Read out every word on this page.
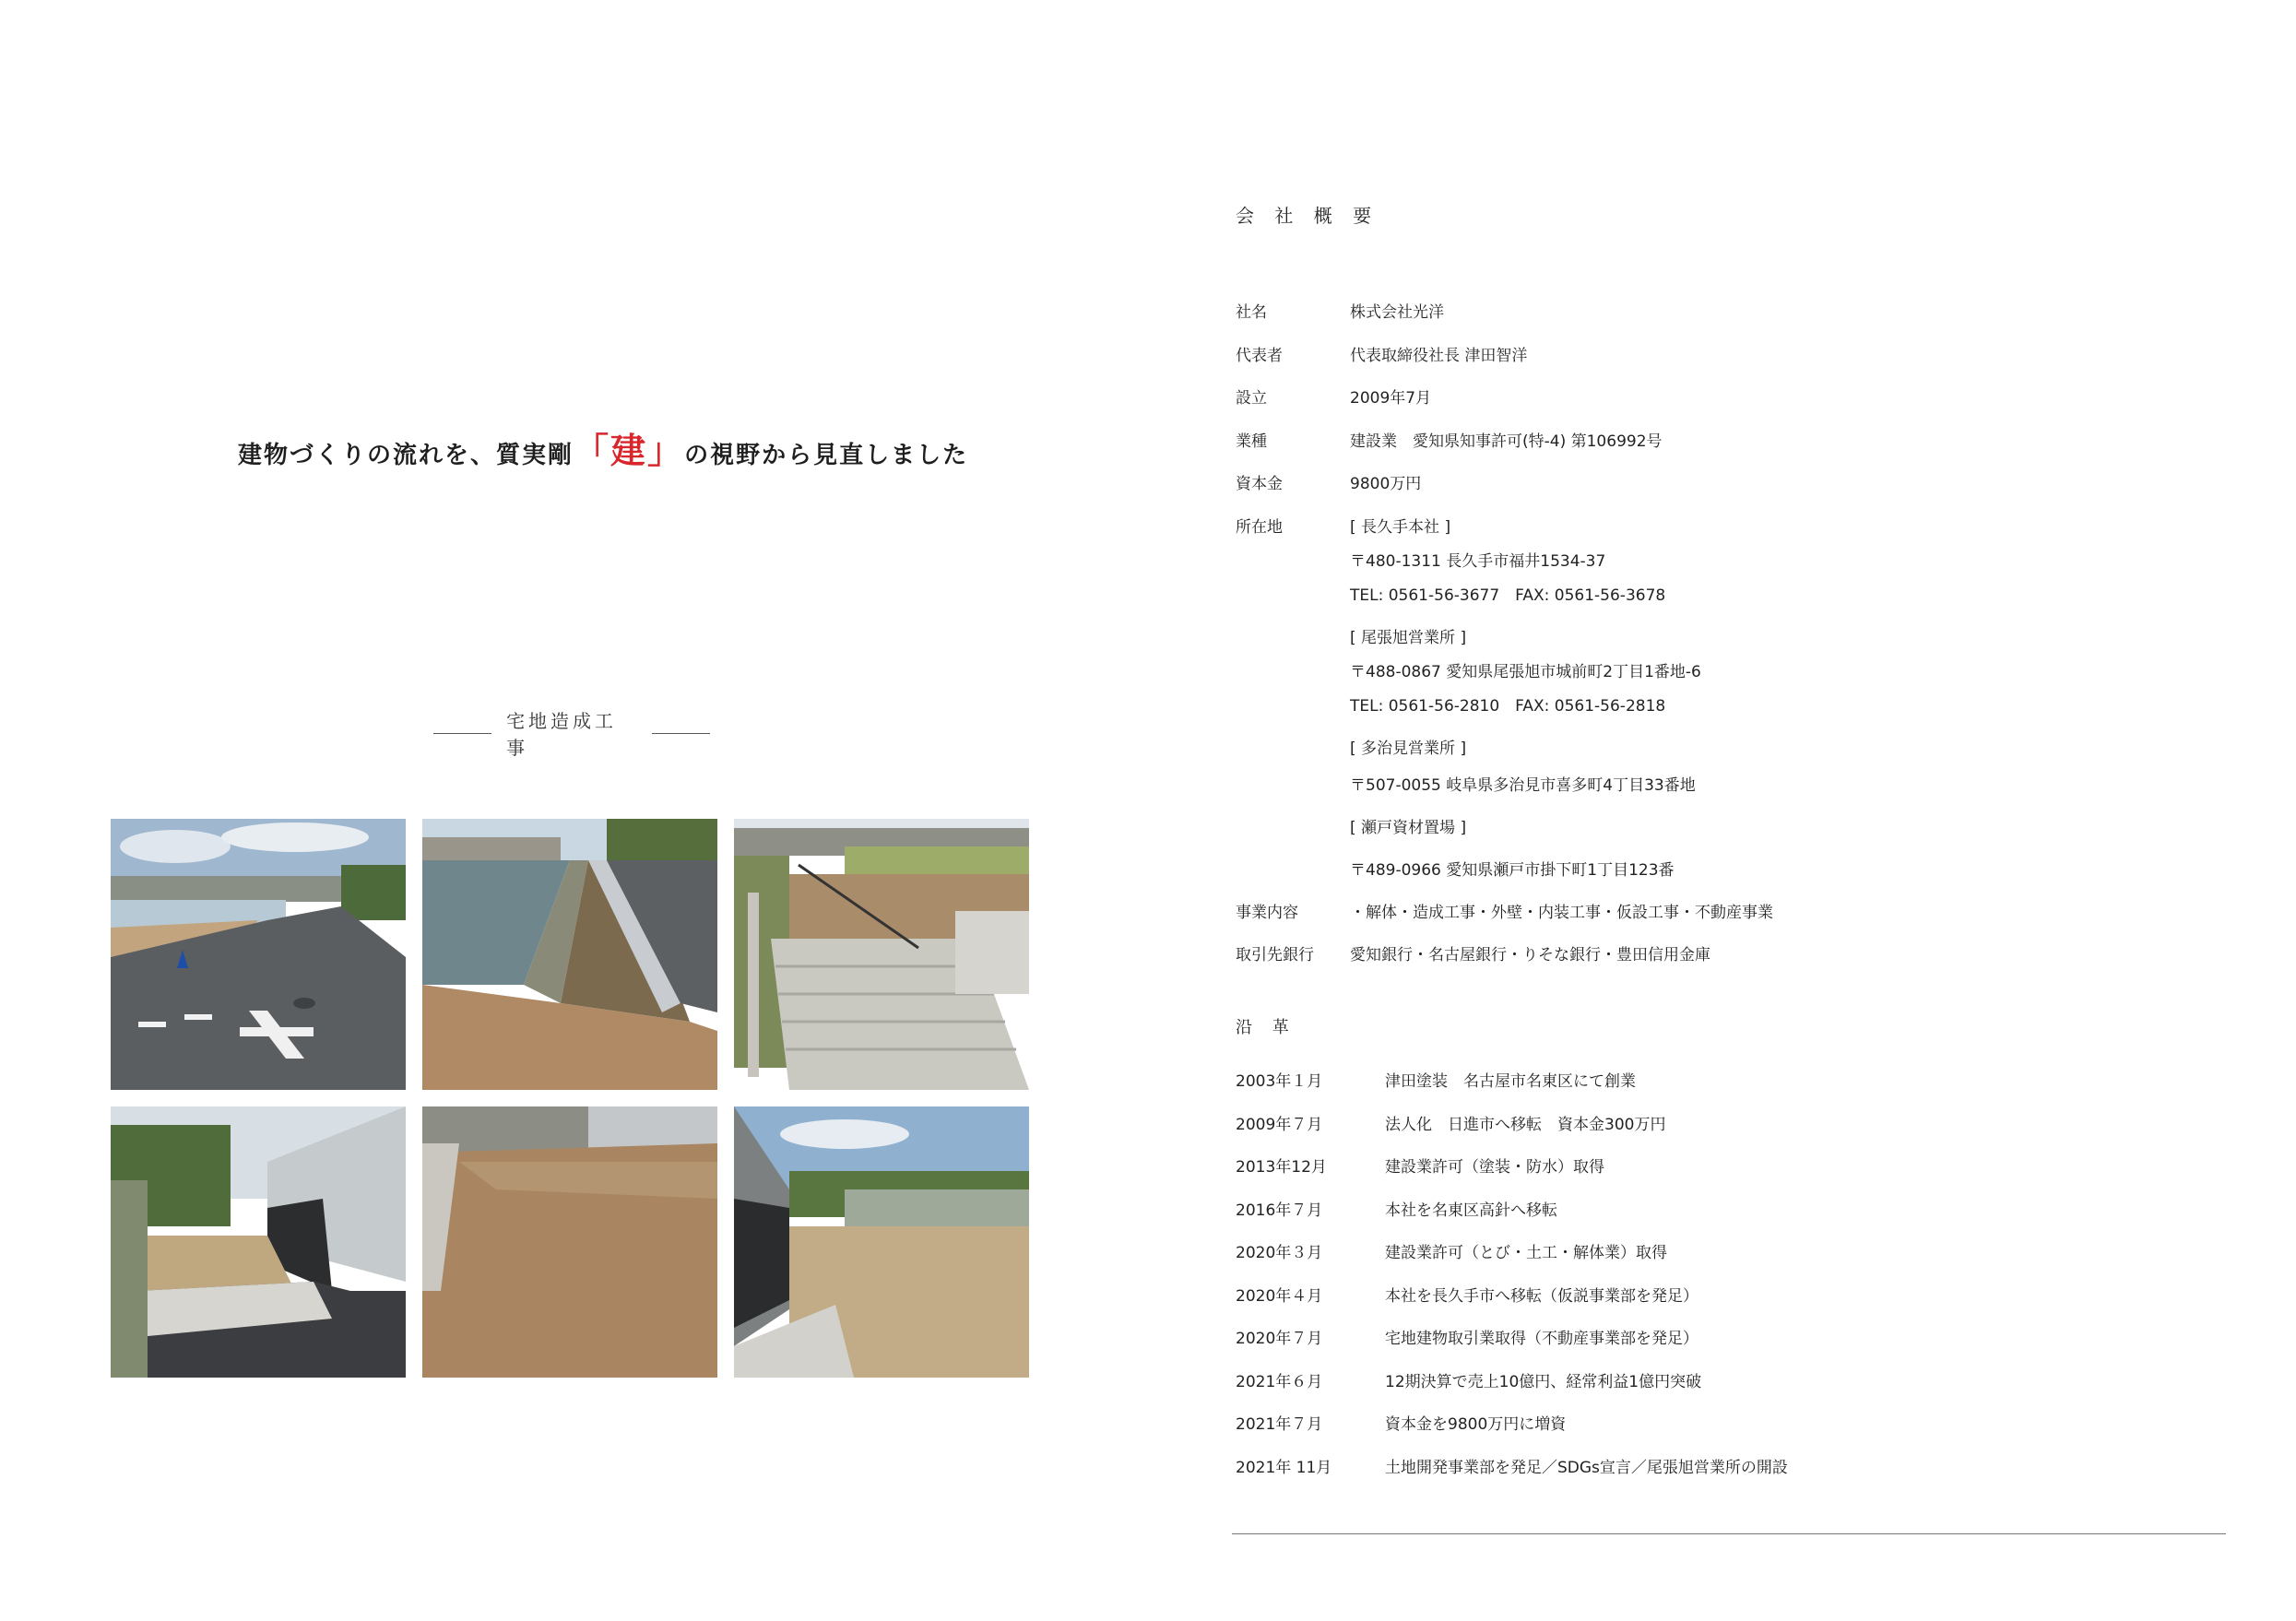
建物づくりの流れを、質実剛「建」の視野から見直しました
宅地造成工事
会 社 概 要
社名	株式会社光洋
代表者	代表取締役社長 津田智洋
設立	2009年7月
業種	建設業　愛知県知事許可(特-4) 第106992号
資本金	9800万円
所在地	[ 長久手本社 ]
〒480-1311 長久手市福井1534-37
TEL: 0561-56-3677　FAX: 0561-56-3678
[ 尾張旭営業所 ]
〒488-0867 愛知県尾張旭市城前町2丁目1番地-6
TEL: 0561-56-2810　FAX: 0561-56-2818
[ 多治見営業所 ]
〒507-0055 岐阜県多治見市喜多町4丁目33番地
[ 瀬戸資材置場 ]
〒489-0966 愛知県瀬戸市掛下町1丁目123番
事業内容	・解体・造成工事・外壁・内装工事・仮設工事・不動産事業
取引先銀行	愛知銀行・名古屋銀行・りそな銀行・豊田信用金庫
沿 革
2003年１月	津田塗装　名古屋市名東区にて創業
2009年７月	法人化　日進市へ移転　資本金300万円
2013年12月	建設業許可（塗装・防水）取得
2016年７月	本社を名東区高針へ移転
2020年３月	建設業許可（とび・土工・解体業）取得
2020年４月	本社を長久手市へ移転（仮説事業部を発足）
2020年７月	宅地建物取引業取得（不動産事業部を発足）
2021年６月	12期決算で売上10億円、経常利益1億円突破
2021年７月	資本金を9800万円に増資
2021年 11月	土地開発事業部を発足／SDGs宣言／尾張旭営業所の開設
